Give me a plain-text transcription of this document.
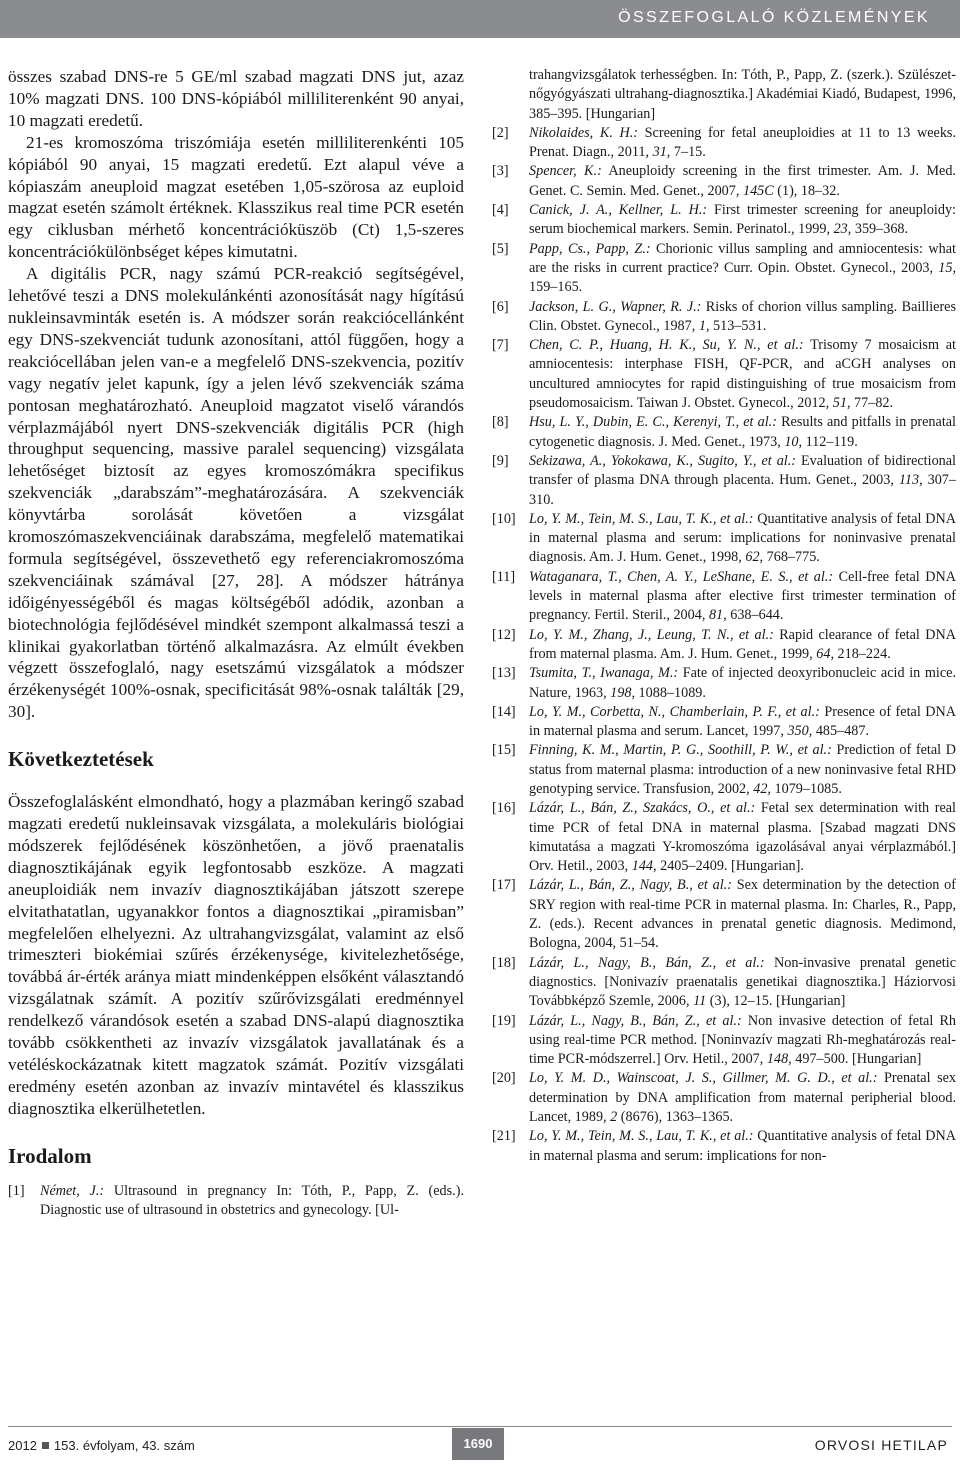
ÖSSZEFOGLALÓ KÖZLEMÉNYEK

összes szabad DNS-re 5 GE/ml szabad magzati DNS jut, azaz 10% magzati DNS. 100 DNS-kópiából milliliterenként 90 anyai, 10 magzati eredetű.

21-es kromoszóma triszómiája esetén milliliterenkénti 105 kópiából 90 anyai, 15 magzati eredetű. Ezt alapul véve a kópiaszám aneuploid magzat esetében 1,05-szörosa az euploid magzat esetén számolt értéknek. Klasszikus real time PCR esetén egy ciklusban mérhető koncentrációküszöb (Ct) 1,5-szeres koncentrációkülönbséget képes kimutatni.

A digitális PCR, nagy számú PCR-reakció segítségével, lehetővé teszi a DNS molekulánkénti azonosítását nagy hígítású nukleinsavminták esetén is. A módszer során reakciócellánként egy DNS-szekvenciát tudunk azonosítani, attól függően, hogy a reakciócellában jelen van-e a megfelelő DNS-szekvencia, pozitív vagy negatív jelet kapunk, így a jelen lévő szekvenciák száma pontosan meghatározható. Aneuploid magzatot viselő várandós vérplazmájából nyert DNS-szekvenciák digitális PCR (high throughput sequencing, massive paralel sequencing) vizsgálata lehetőséget biztosít az egyes kromoszómákra specifikus szekvenciák „darabszám”-meghatározására. A szekvenciák könyvtárba sorolását követően a vizsgálat kromoszómaszekvenciáinak darabszáma, megfelelő matematikai formula segítségével, összevethető egy referenciakromoszóma szekvenciáinak számával [27, 28]. A módszer hátránya időigényességéből és magas költségéből adódik, azonban a biotechnológia fejlődésével mindkét szempont alkalmassá teszi a klinikai gyakorlatban történő alkalmazásra. Az elmúlt években végzett összefoglaló, nagy esetszámú vizsgálatok a módszer érzékenységét 100%-osnak, specificitását 98%-osnak találták [29, 30].

Következtetések

Összefoglalásként elmondható, hogy a plazmában keringő szabad magzati eredetű nukleinsavak vizsgálata, a molekuláris biológiai módszerek fejlődésének köszönhetően, a jövő praenatalis diagnosztikájának egyik legfontosabb eszköze. A magzati aneuploidiák nem invazív diagnosztikájában játszott szerepe elvitathatatlan, ugyanakkor fontos a diagnosztikai „piramisban” megfelelően elhelyezni. Az ultrahangvizsgálat, valamint az első trimeszteri biokémiai szűrés érzékenysége, kivitelezhetősége, továbbá ár-érték aránya miatt mindenképpen elsőként választandó vizsgálatnak számít. A pozitív szűrővizsgálati eredménnyel rendelkező várandósok esetén a szabad DNS-alapú diagnosztika tovább csökkentheti az invazív vizsgálatok javallatának és a vetéléskockázatnak kitett magzatok számát. Pozitív vizsgálati eredmény esetén azonban az invazív mintavétel és klasszikus diagnosztika elkerülhetetlen.

Irodalom

[1] Német, J.: Ultrasound in pregnancy In: Tóth, P., Papp, Z. (eds.). Diagnostic use of ultrasound in obstetrics and gynecology. [Ul-

trahangvizsgálatok terhességben. In: Tóth, P., Papp, Z. (szerk.). Szülészet-nőgyógyászati ultrahang-diagnosztika.] Akadémiai Kiadó, Budapest, 1996, 385–395. [Hungarian]

[2] Nikolaides, K. H.: Screening for fetal aneuploidies at 11 to 13 weeks. Prenat. Diagn., 2011, 31, 7–15.

[3] Spencer, K.: Aneuploidy screening in the first trimester. Am. J. Med. Genet. C. Semin. Med. Genet., 2007, 145C (1), 18–32.

[4] Canick, J. A., Kellner, L. H.: First trimester screening for aneuploidy: serum biochemical markers. Semin. Perinatol., 1999, 23, 359–368.

[5] Papp, Cs., Papp, Z.: Chorionic villus sampling and amniocentesis: what are the risks in current practice? Curr. Opin. Obstet. Gynecol., 2003, 15, 159–165.

[6] Jackson, L. G., Wapner, R. J.: Risks of chorion villus sampling. Baillieres Clin. Obstet. Gynecol., 1987, 1, 513–531.

[7] Chen, C. P., Huang, H. K., Su, Y. N., et al.: Trisomy 7 mosaicism at amniocentesis: interphase FISH, QF-PCR, and aCGH analyses on uncultured amniocytes for rapid distinguishing of true mosaicism from pseudomosaicism. Taiwan J. Obstet. Gynecol., 2012, 51, 77–82.

[8] Hsu, L. Y., Dubin, E. C., Kerenyi, T., et al.: Results and pitfalls in prenatal cytogenetic diagnosis. J. Med. Genet., 1973, 10, 112–119.

[9] Sekizawa, A., Yokokawa, K., Sugito, Y., et al.: Evaluation of bidirectional transfer of plasma DNA through placenta. Hum. Genet., 2003, 113, 307–310.

[10] Lo, Y. M., Tein, M. S., Lau, T. K., et al.: Quantitative analysis of fetal DNA in maternal plasma and serum: implications for noninvasive prenatal diagnosis. Am. J. Hum. Genet., 1998, 62, 768–775.

[11] Wataganara, T., Chen, A. Y., LeShane, E. S., et al.: Cell-free fetal DNA levels in maternal plasma after elective first trimester termination of pregnancy. Fertil. Steril., 2004, 81, 638–644.

[12] Lo, Y. M., Zhang, J., Leung, T. N., et al.: Rapid clearance of fetal DNA from maternal plasma. Am. J. Hum. Genet., 1999, 64, 218–224.

[13] Tsumita, T., Iwanaga, M.: Fate of injected deoxyribonucleic acid in mice. Nature, 1963, 198, 1088–1089.

[14] Lo, Y. M., Corbetta, N., Chamberlain, P. F., et al.: Presence of fetal DNA in maternal plasma and serum. Lancet, 1997, 350, 485–487.

[15] Finning, K. M., Martin, P. G., Soothill, P. W., et al.: Prediction of fetal D status from maternal plasma: introduction of a new noninvasive fetal RHD genotyping service. Transfusion, 2002, 42, 1079–1085.

[16] Lázár, L., Bán, Z., Szakács, O., et al.: Fetal sex determination with real time PCR of fetal DNA in maternal plasma. [Szabad magzati DNS kimutatása a magzati Y-kromoszóma igazolásával anyai vérplazmából.] Orv. Hetil., 2003, 144, 2405–2409. [Hungarian].

[17] Lázár, L., Bán, Z., Nagy, B., et al.: Sex determination by the detection of SRY region with real-time PCR in maternal plasma. In: Charles, R., Papp, Z. (eds.). Recent advances in prenatal genetic diagnosis. Medimond, Bologna, 2004, 51–54.

[18] Lázár, L., Nagy, B., Bán, Z., et al.: Non-invasive prenatal genetic diagnostics. [Nonivazív praenatalis genetikai diagnosztika.] Háziorvosi Továbbképző Szemle, 2006, 11 (3), 12–15. [Hungarian]

[19] Lázár, L., Nagy, B., Bán, Z., et al.: Non invasive detection of fetal Rh using real-time PCR method. [Noninvazív magzati Rh-meghatározás real-time PCR-módszerrel.] Orv. Hetil., 2007, 148, 497–500. [Hungarian]

[20] Lo, Y. M. D., Wainscoat, J. S., Gillmer, M. G. D., et al.: Prenatal sex determination by DNA amplification from maternal peripherial blood. Lancet, 1989, 2 (8676), 1363–1365.

[21] Lo, Y. M., Tein, M. S., Lau, T. K., et al.: Quantitative analysis of fetal DNA in maternal plasma and serum: implications for non-

2012 153. évfolyam, 43. szám	1690	ORVOSI HETILAP
